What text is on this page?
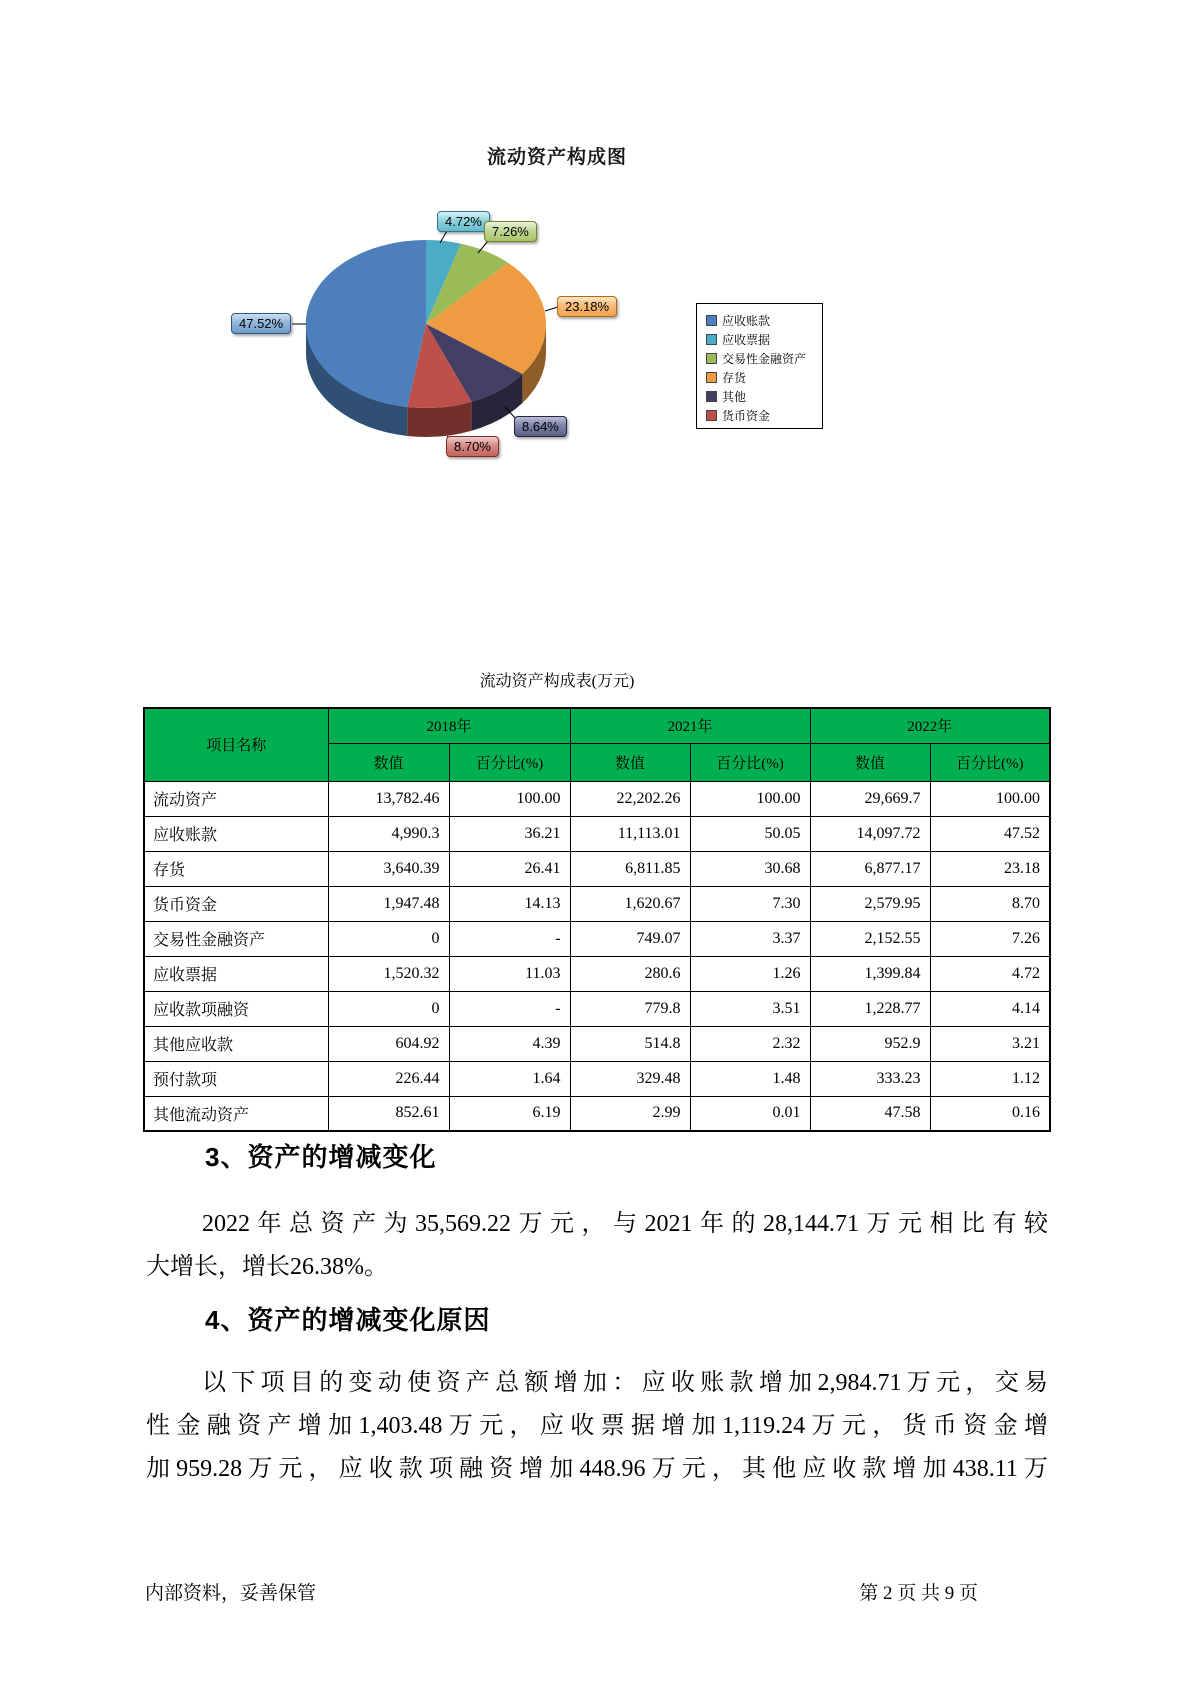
流动资产构成图
4.72%
7.26%
23.18%
8.64%
8.70%
47.52%	应收账款
应收票据
交易性金融资产
存货
其他
货币资金
流动资产构成表(万元)
项目名称	2018年		2021年		2022年	
	数值	百分比(%)	数值	百分比(%)	数值	百分比(%)
流动资产	13,782.46	100.00	22,202.26	100.00	29,669.7	100.00
应收账款	4,990.3	36.21	11,113.01	50.05	14,097.72	47.52
存货	3,640.39	26.41	6,811.85	30.68	6,877.17	23.18
货币资金	1,947.48	14.13	1,620.67	7.30	2,579.95	8.70
交易性金融资产	0	-	749.07	3.37	2,152.55	7.26
应收票据	1,520.32	11.03	280.6	1.26	1,399.84	4.72
应收款项融资	0	-	779.8	3.51	1,228.77	4.14
其他应收款	604.92	4.39	514.8	2.32	952.9	3.21
预付款项	226.44	1.64	329.48	1.48	333.23	1.12
其他流动资产	852.61	6.19	2.99	0.01	47.58	0.16
3、资产的增减变化
2022年总资产为35,569.22万元，与2021年的28,144.71万元相比有较
大增长，增长26.38%。
4、资产的增减变化原因
以下项目的变动使资产总额增加：应收账款增加2,984.71万元，交易
性金融资产增加1,403.48万元，应收票据增加1,119.24万元，货币资金增
加959.28万元，应收款项融资增加448.96万元，其他应收款增加438.11万
内部资料，妥善保管	第 2 页 共 9 页
